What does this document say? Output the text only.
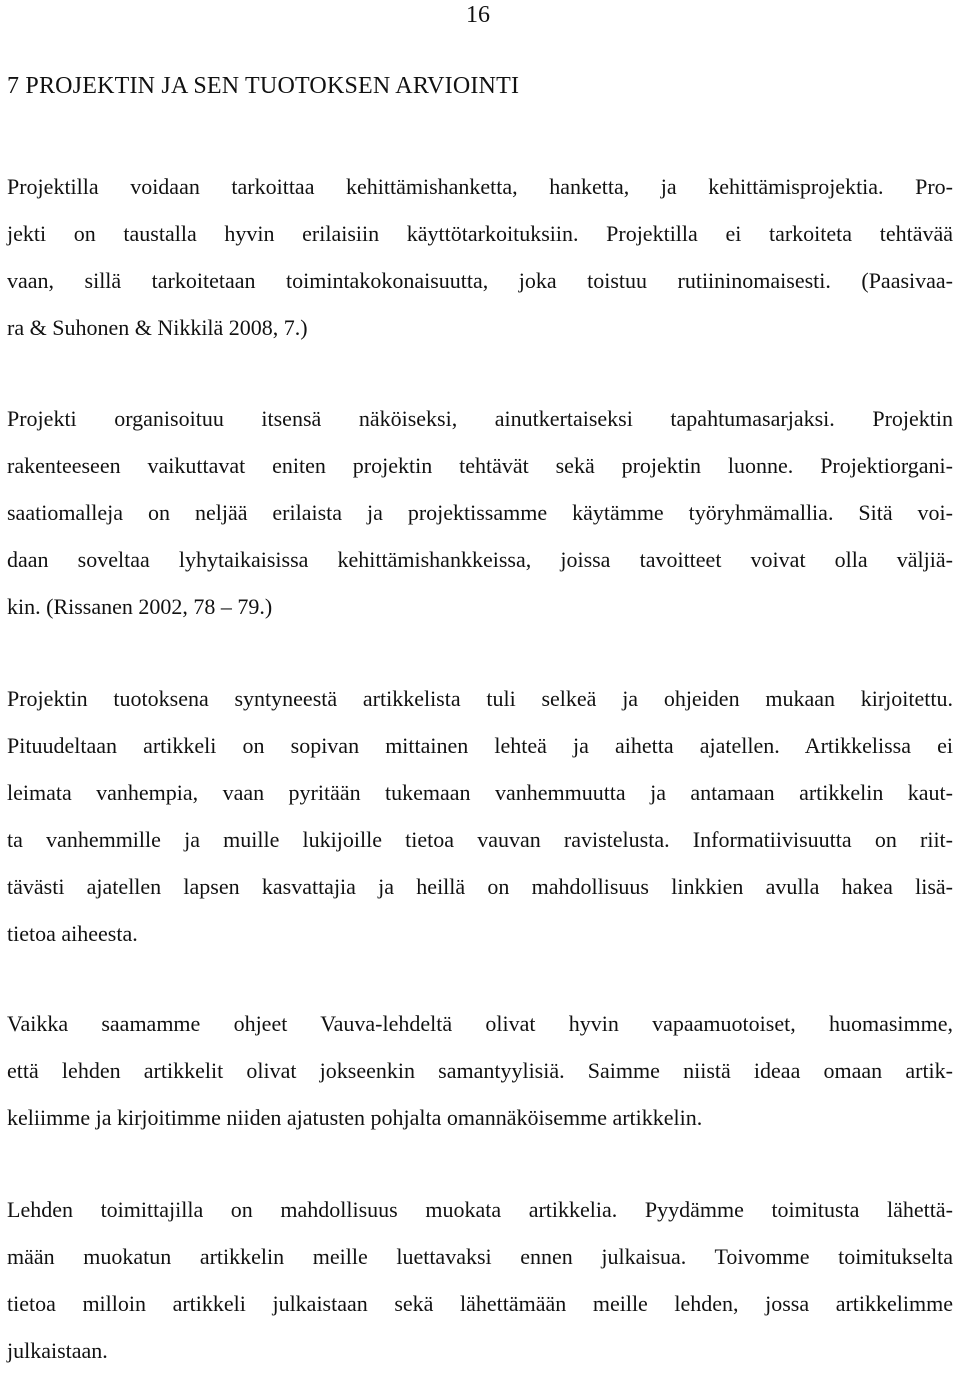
16
7 PROJEKTIN JA SEN TUOTOKSEN ARVIOINTI
Projektilla voidaan tarkoittaa kehittämishanketta, hanketta, ja kehittämisprojektia. Pro-
jekti on taustalla hyvin erilaisiin käyttötarkoituksiin. Projektilla ei tarkoiteta tehtävää
vaan, sillä tarkoitetaan toimintakokonaisuutta, joka toistuu rutiininomaisesti. (Paasivaa-
ra & Suhonen & Nikkilä 2008, 7.)
Projekti organisoituu itsensä näköiseksi, ainutkertaiseksi tapahtumasarjaksi. Projektin
rakenteeseen vaikuttavat eniten projektin tehtävät sekä projektin luonne. Projektiorgani-
saatiomalleja on neljää erilaista ja projektissamme käytämme työryhmämallia. Sitä voi-
daan soveltaa lyhytaikaisissa kehittämishankkeissa, joissa tavoitteet voivat olla väljiä-
kin. (Rissanen 2002, 78 – 79.)
Projektin tuotoksena syntyneestä artikkelista tuli selkeä ja ohjeiden mukaan kirjoitettu.
Pituudeltaan artikkeli on sopivan mittainen lehteä ja aihetta ajatellen. Artikkelissa ei
leimata vanhempia, vaan pyritään tukemaan vanhemmuutta ja antamaan artikkelin kaut-
ta vanhemmille ja muille lukijoille tietoa vauvan ravistelusta. Informatiivisuutta on riit-
tävästi ajatellen lapsen kasvattajia ja heillä on mahdollisuus linkkien avulla hakea lisä-
tietoa aiheesta.
Vaikka saamamme ohjeet Vauva-lehdeltä olivat hyvin vapaamuotoiset, huomasimme,
että lehden artikkelit olivat jokseenkin samantyylisiä. Saimme niistä ideaa omaan artik-
keliimme ja kirjoitimme niiden ajatusten pohjalta omannäköisemme artikkelin.
Lehden toimittajilla on mahdollisuus muokata artikkelia. Pyydämme toimitusta lähettä-
mään muokatun artikkelin meille luettavaksi ennen julkaisua. Toivomme toimitukselta
tietoa milloin artikkeli julkaistaan sekä lähettämään meille lehden, jossa artikkelimme
julkaistaan.
